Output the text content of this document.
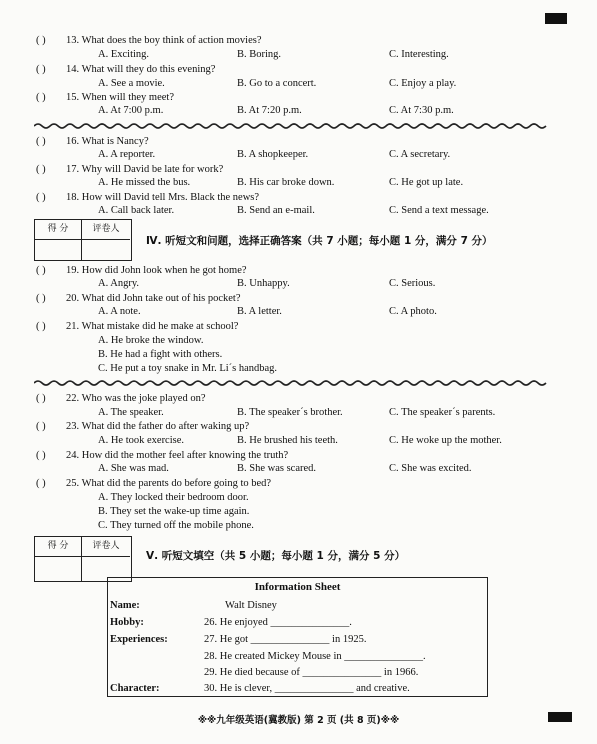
( ) 13. What does the boy think of action movies?
A. Exciting.	B. Boring.	C. Interesting.
( ) 14. What will they do this evening?
A. See a movie.	B. Go to a concert.	C. Enjoy a play.
( ) 15. When will they meet?
A. At 7:00 p.m.	B. At 7:20 p.m.	C. At 7:30 p.m.
( ) 16. What is Nancy?
A. A reporter.	B. A shopkeeper.	C. A secretary.
( ) 17. Why will David be late for work?
A. He missed the bus.	B. His car broke down.	C. He got up late.
( ) 18. How will David tell Mrs. Black the news?
A. Call back later.	B. Send an e-mail.	C. Send a text message.
得 分	评卷人
Ⅳ. 听短文和问题，选择正确答案（共 7 小题；每小题 1 分，满分 7 分）
( ) 19. How did John look when he got home?
A. Angry.	B. Unhappy.	C. Serious.
( ) 20. What did John take out of his pocket?
A. A note.	B. A letter.	C. A photo.
( ) 21. What mistake did he make at school?
A. He broke the window.
B. He had a fight with others.
C. He put a toy snake in Mr. Li´s handbag.
( ) 22. Who was the joke played on?
A. The speaker.	B. The speaker´s brother.	C. The speaker´s parents.
( ) 23. What did the father do after waking up?
A. He took exercise.	B. He brushed his teeth.	C. He woke up the mother.
( ) 24. How did the mother feel after knowing the truth?
A. She was mad.	B. She was scared.	C. She was excited.
( ) 25. What did the parents do before going to bed?
A. They locked their bedroom door.
B. They set the wake-up time again.
C. They turned off the mobile phone.
得 分	评卷人
Ⅴ. 听短文填空（共 5 小题；每小题 1 分，满分 5 分）
Information Sheet
Name:	Walt Disney
Hobby:	26. He enjoyed _______________.
Experiences:	27. He got _______________ in 1925.
28. He created Mickey Mouse in _______________.
29. He died because of _______________ in 1966.
Character:	30. He is clever, _______________ and creative.
※※九年级英语(冀教版) 第 2 页 (共 8 页)※※
